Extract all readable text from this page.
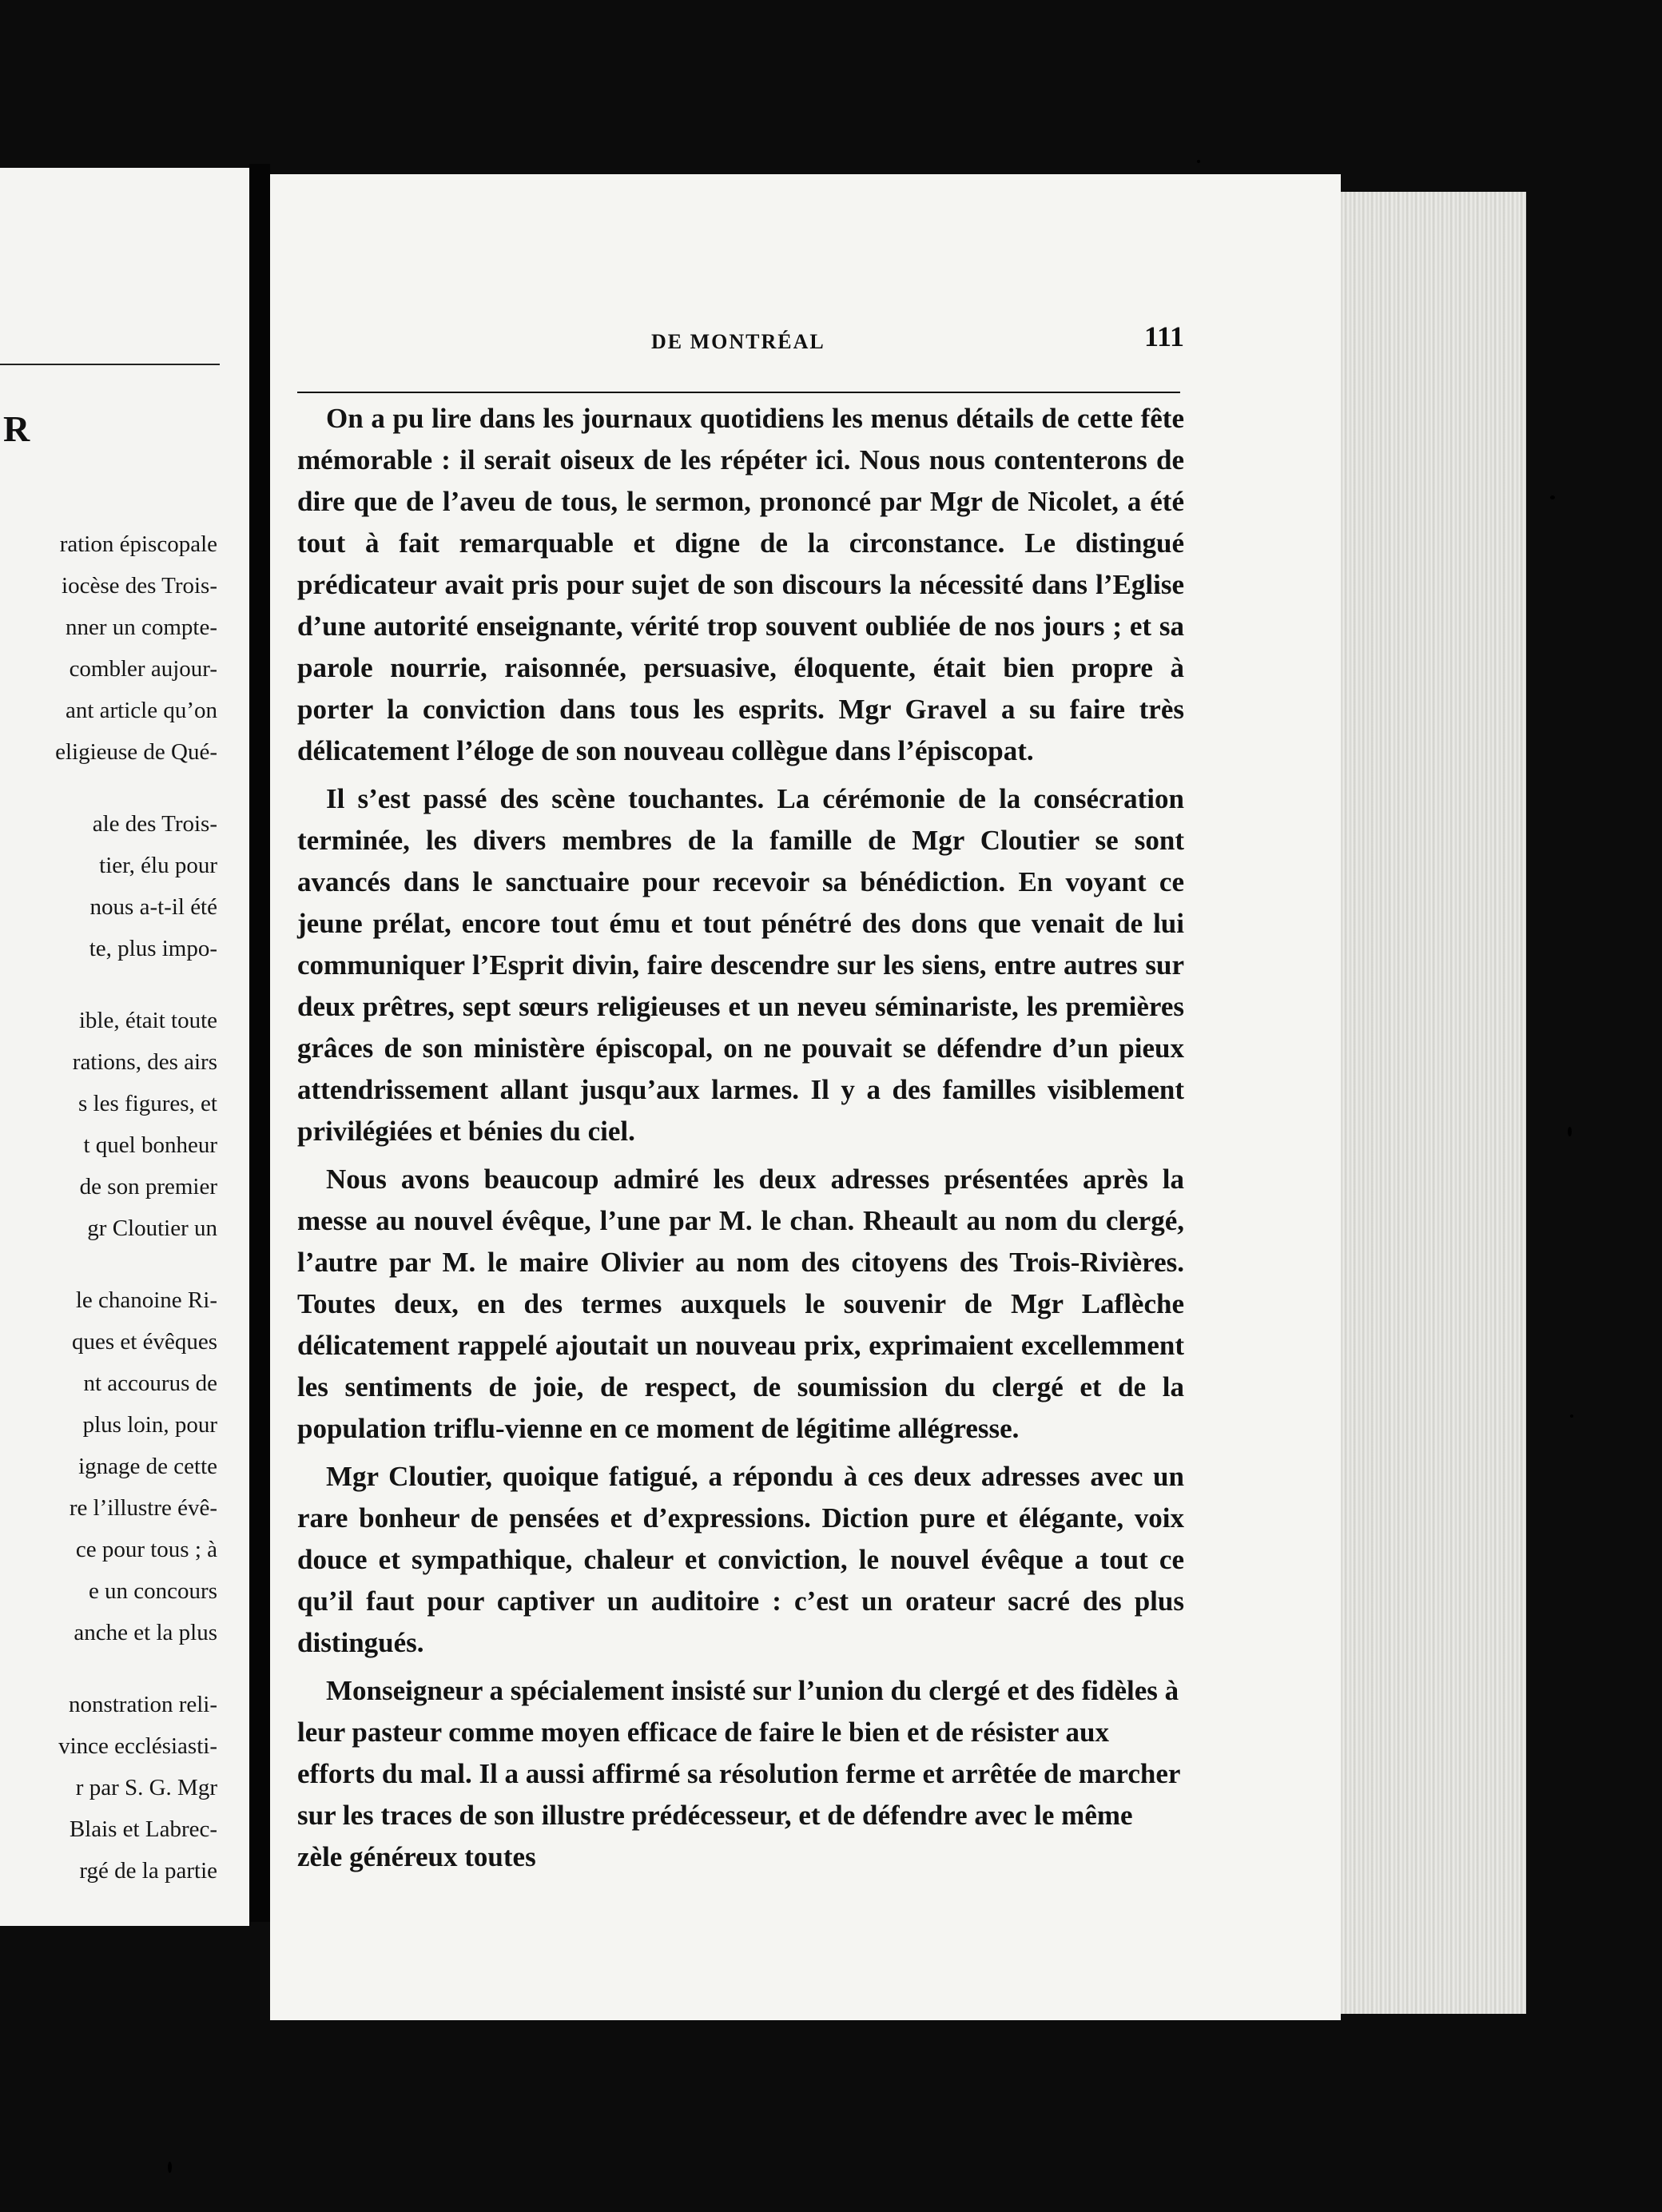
R
ration épiscopale
iocèse des Trois-
nner un compte-
combler aujour-
ant article qu’on
eligieuse de Qué-
ale des Trois-
tier, élu pour
nous a-t-il été
te, plus impo-
ible, était toute
rations, des airs
s les figures, et
t quel bonheur
de son premier
gr Cloutier un
le chanoine Ri-
ques et évêques
nt accourus de
plus loin, pour
ignage de cette
re l’illustre évê-
ce pour tous ; à
e un concours
anche et la plus
nonstration reli-
vince ecclésiasti-
r par S. G. Mgr
Blais et Labrec-
rgé de la partie
DE MONTRÉAL	111

On a pu lire dans les journaux quotidiens les menus détails de cette fête mémorable : il serait oiseux de les répéter ici. Nous nous contenterons de dire que de l’aveu de tous, le sermon, prononcé par Mgr de Nicolet, a été tout à fait remarquable et digne de la circonstance. Le distingué prédicateur avait pris pour sujet de son discours la nécessité dans l’Eglise d’une autorité enseignante, vérité trop souvent oubliée de nos jours ; et sa parole nourrie, raisonnée, persuasive, éloquente, était bien propre à porter la conviction dans tous les esprits. Mgr Gravel a su faire très délicatement l’éloge de son nouveau collègue dans l’épiscopat.

Il s’est passé des scène touchantes. La cérémonie de la consécration terminée, les divers membres de la famille de Mgr Cloutier se sont avancés dans le sanctuaire pour recevoir sa bénédiction. En voyant ce jeune prélat, encore tout ému et tout pénétré des dons que venait de lui communiquer l’Esprit divin, faire descendre sur les siens, entre autres sur deux prêtres, sept sœurs religieuses et un neveu séminariste, les premières grâces de son ministère épiscopal, on ne pouvait se défendre d’un pieux attendrissement allant jusqu’aux larmes. Il y a des familles visiblement privilégiées et bénies du ciel.

Nous avons beaucoup admiré les deux adresses présentées après la messe au nouvel évêque, l’une par M. le chan. Rheault au nom du clergé, l’autre par M. le maire Olivier au nom des citoyens des Trois-Rivières. Toutes deux, en des termes auxquels le souvenir de Mgr Laflèche délicatement rappelé ajoutait un nouveau prix, exprimaient excellemment les sentiments de joie, de respect, de soumission du clergé et de la population triflu-vienne en ce moment de légitime allégresse.

Mgr Cloutier, quoique fatigué, a répondu à ces deux adresses avec un rare bonheur de pensées et d’expressions. Diction pure et élégante, voix douce et sympathique, chaleur et conviction, le nouvel évêque a tout ce qu’il faut pour captiver un auditoire : c’est un orateur sacré des plus distingués.

Monseigneur a spécialement insisté sur l’union du clergé et des fidèles à leur pasteur comme moyen efficace de faire le bien et de résister aux efforts du mal. Il a aussi affirmé sa résolution ferme et arrêtée de marcher sur les traces de son illustre prédécesseur, et de défendre avec le même zèle généreux toutes
